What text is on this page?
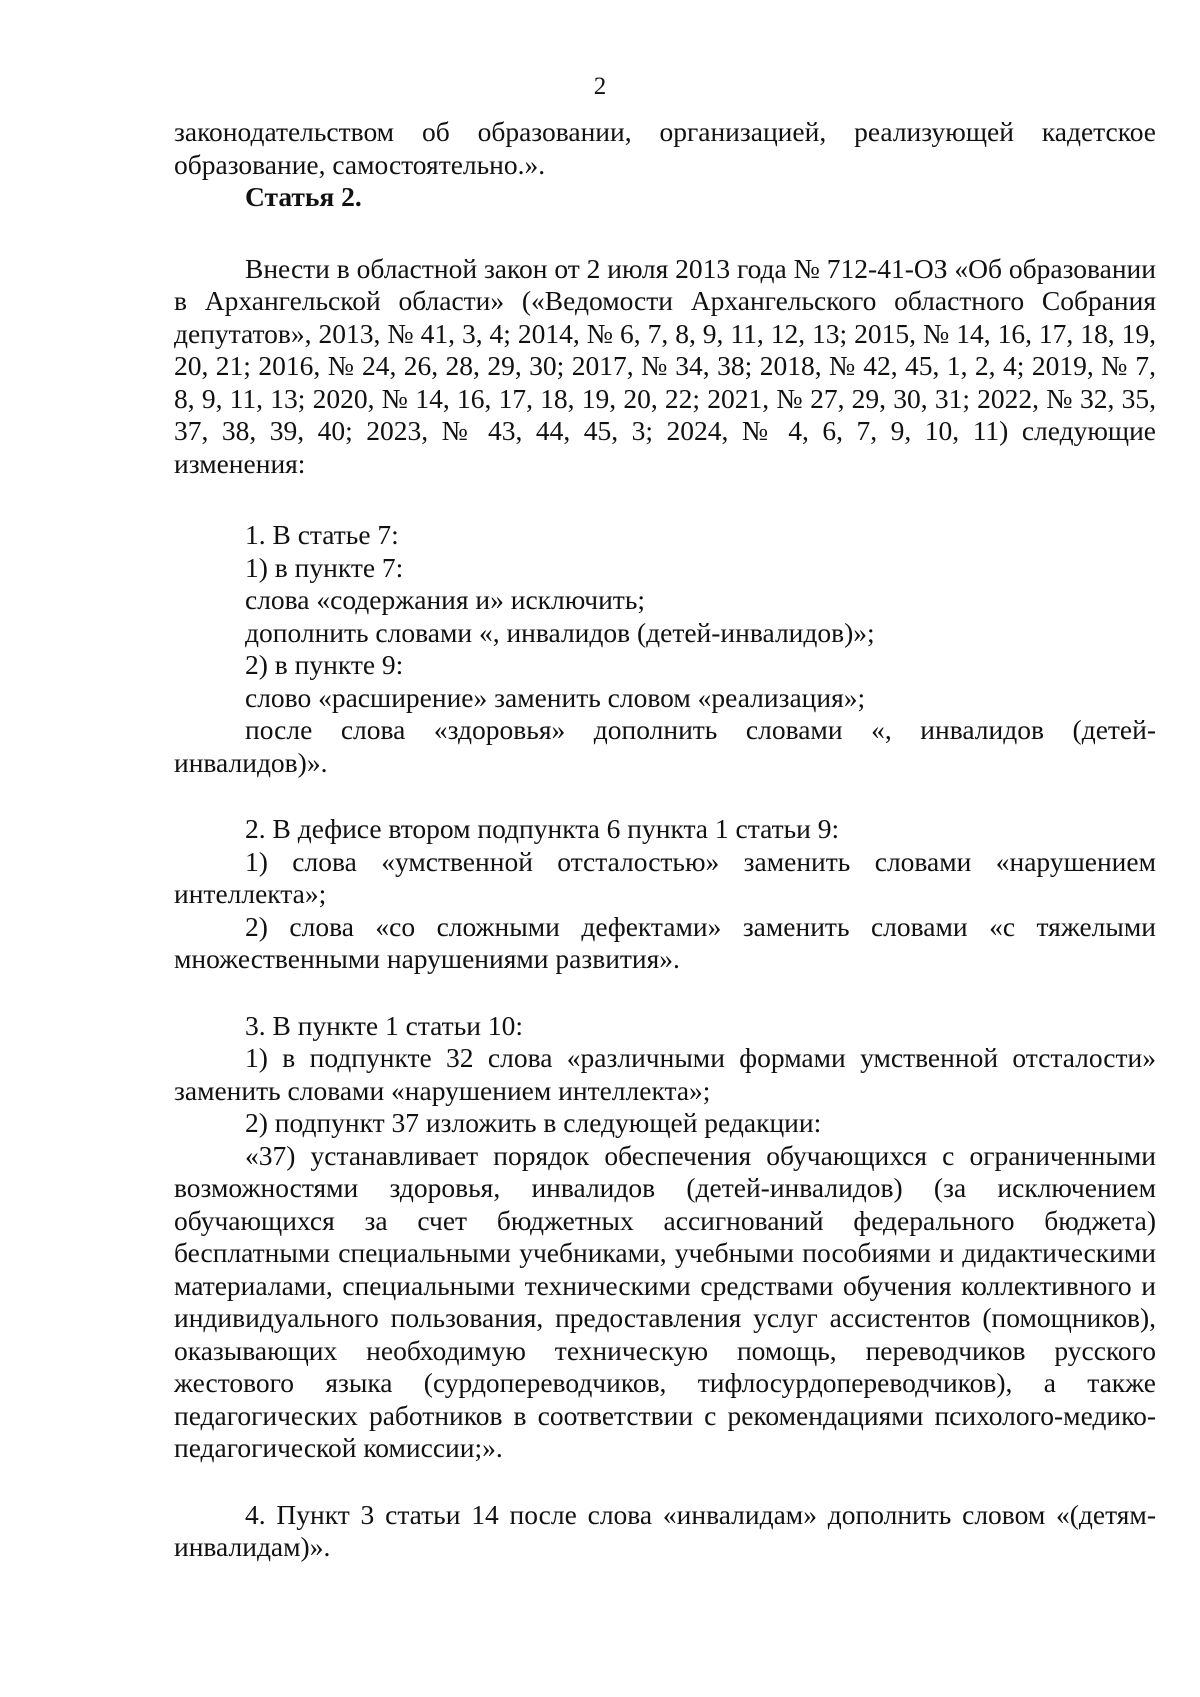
2

законодательством об образовании, организацией, реализующей кадетское образование, самостоятельно.».

Статья 2.

Внести в областной закон от 2 июля 2013 года № 712-41-ОЗ «Об образовании в Архангельской области» («Ведомости Архангельского областного Собрания депутатов», 2013, № 41, 3, 4; 2014, № 6, 7, 8, 9, 11, 12, 13; 2015, № 14, 16, 17, 18, 19, 20, 21; 2016, № 24, 26, 28, 29, 30; 2017, № 34, 38; 2018, № 42, 45, 1, 2, 4; 2019, № 7, 8, 9, 11, 13; 2020, № 14, 16, 17, 18, 19, 20, 22; 2021, № 27, 29, 30, 31; 2022, № 32, 35, 37, 38, 39, 40; 2023, № 43, 44, 45, 3; 2024, № 4, 6, 7, 9, 10, 11) следующие изменения:

1. В статье 7:

1) в пункте 7:

слова «содержания и» исключить;

дополнить словами «, инвалидов (детей-инвалидов)»;

2) в пункте 9:

слово «расширение» заменить словом «реализация»;

после слова «здоровья» дополнить словами «, инвалидов (детей-инвалидов)».

2. В дефисе втором подпункта 6 пункта 1 статьи 9:

1) слова «умственной отсталостью» заменить словами «нарушением интеллекта»;

2) слова «со сложными дефектами» заменить словами «с тяжелыми множественными нарушениями развития».

3. В пункте 1 статьи 10:

1) в подпункте 32 слова «различными формами умственной отсталости» заменить словами «нарушением интеллекта»;

2) подпункт 37 изложить в следующей редакции:

«37) устанавливает порядок обеспечения обучающихся с ограниченными возможностями здоровья, инвалидов (детей-инвалидов) (за исключением обучающихся за счет бюджетных ассигнований федерального бюджета) бесплатными специальными учебниками, учебными пособиями и дидактическими материалами, специальными техническими средствами обучения коллективного и индивидуального пользования, предоставления услуг ассистентов (помощников), оказывающих необходимую техническую помощь, переводчиков русского жестового языка (сурдопереводчиков, тифлосурдопереводчиков), а также педагогических работников в соответствии с рекомендациями психолого-медико-педагогической комиссии;».

4. Пункт 3 статьи 14 после слова «инвалидам» дополнить словом «(детям-инвалидам)».
